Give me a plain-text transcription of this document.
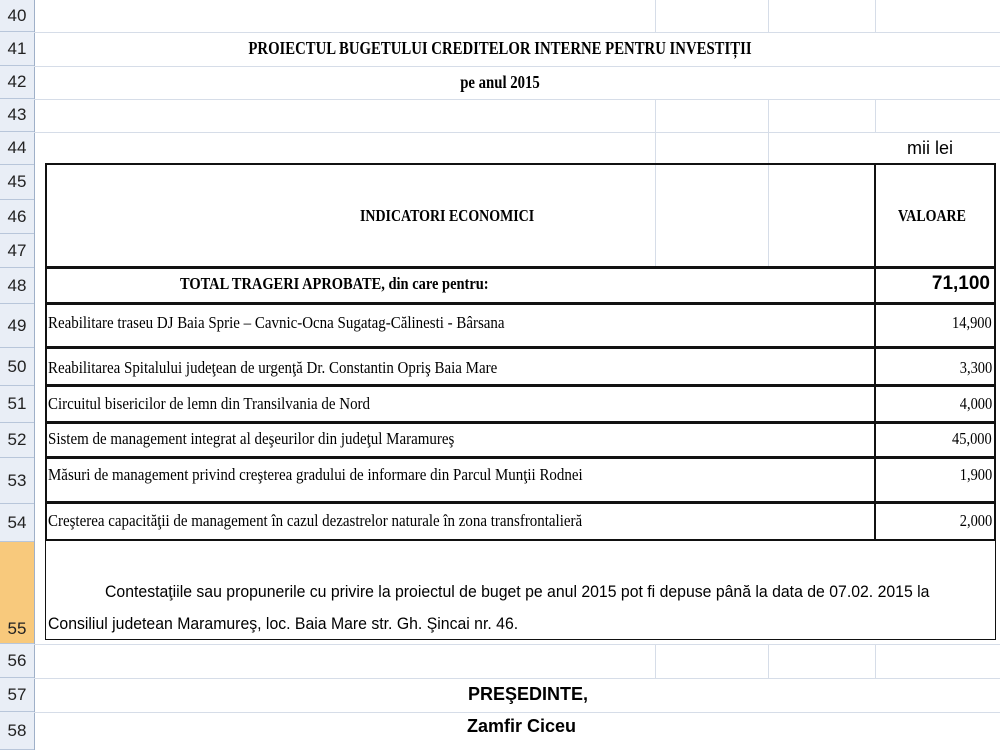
40
41
42
43
44
45
46
47
48
49
50
51
52
53
54
55
56
57
58
PROIECTUL BUGETULUI CREDITELOR INTERNE PENTRU INVESTIȚII
pe anul 2015
mii lei
INDICATORI ECONOMICI	VALOARE
TOTAL TRAGERI APROBATE, din care pentru:	71,100
Reabilitare traseu DJ Baia Sprie – Cavnic-Ocna Sugatag-Călinesti - Bârsana	14,900
Reabilitarea Spitalului judeţean de urgenţă Dr. Constantin Opriş Baia Mare	3,300
Circuitul bisericilor de lemn din Transilvania de Nord	4,000
Sistem de management integrat al deşeurilor din judeţul Maramureş	45,000
Măsuri de management privind creşterea gradului de informare din Parcul Munţii Rodnei	1,900
Creşterea capacităţii de management în cazul dezastrelor naturale în zona transfrontalieră	2,000
Contestaţiile sau propunerile cu privire la proiectul de buget pe anul 2015 pot fi depuse până la data de 07.02. 2015 la
Consiliul judetean Maramureş, loc. Baia Mare str. Gh. Şincai nr. 46.
PREŞEDINTE,
Zamfir Ciceu
